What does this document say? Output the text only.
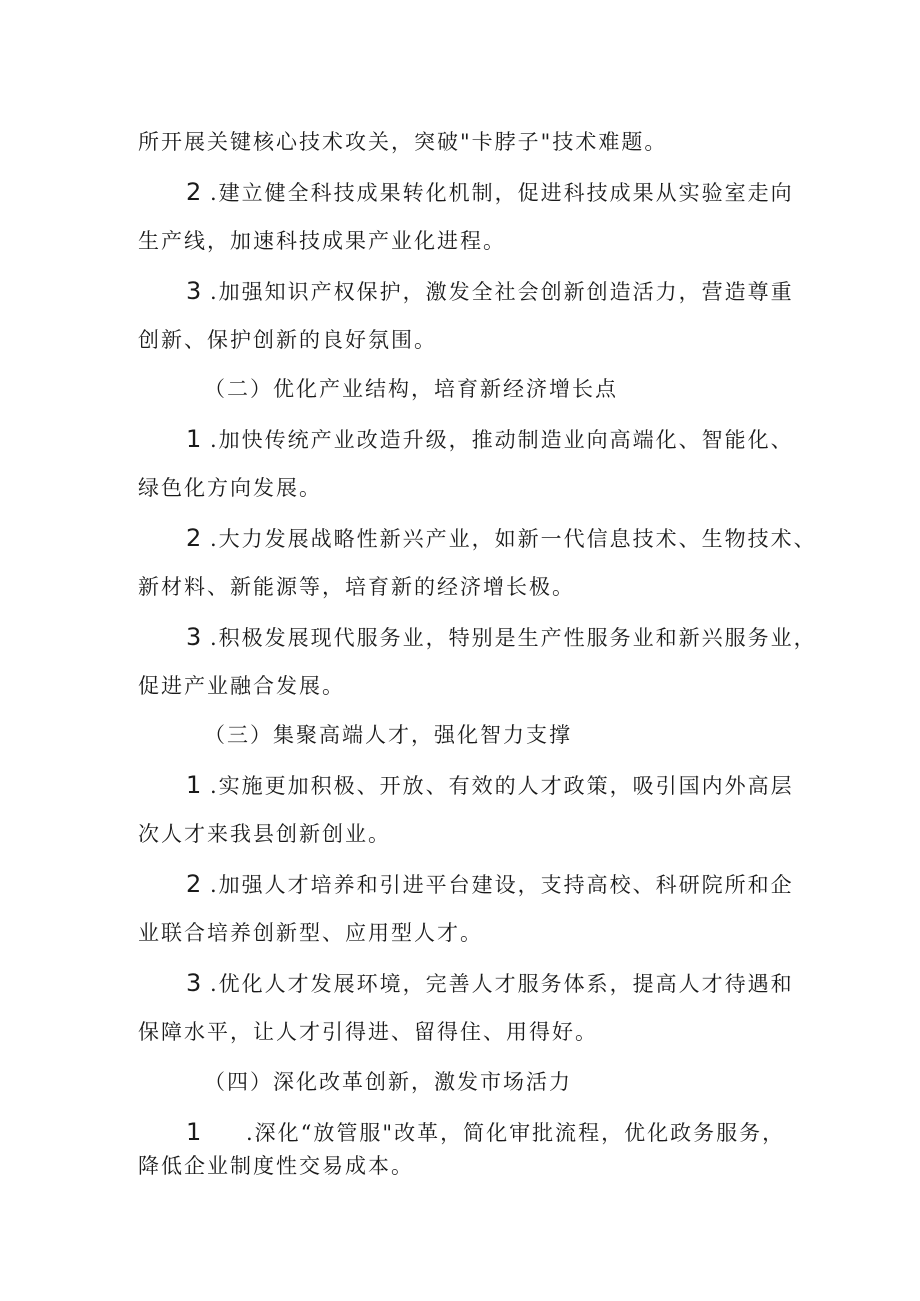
所开展关键核心技术攻关，突破"卡脖子"技术难题。
2 .建立健全科技成果转化机制，促进科技成果从实验室走向
生产线，加速科技成果产业化进程。
3 .加强知识产权保护，激发全社会创新创造活力，营造尊重
创新、保护创新的良好氛围。
（二）优化产业结构，培育新经济增长点
1 .加快传统产业改造升级，推动制造业向高端化、智能化、
绿色化方向发展。
2 .大力发展战略性新兴产业，如新一代信息技术、生物技术、
新材料、新能源等，培育新的经济增长极。
3 .积极发展现代服务业，特别是生产性服务业和新兴服务业，
促进产业融合发展。
（三）集聚高端人才，强化智力支撑
1 .实施更加积极、开放、有效的人才政策，吸引国内外高层
次人才来我县创新创业。
2 .加强人才培养和引进平台建设，支持高校、科研院所和企
业联合培养创新型、应用型人才。
3 .优化人才发展环境，完善人才服务体系，提高人才待遇和
保障水平，让人才引得进、留得住、用得好。
（四）深化改革创新，激发市场活力
1 .深化“放管服"改革，简化审批流程，优化政务服务，
降低企业制度性交易成本。
